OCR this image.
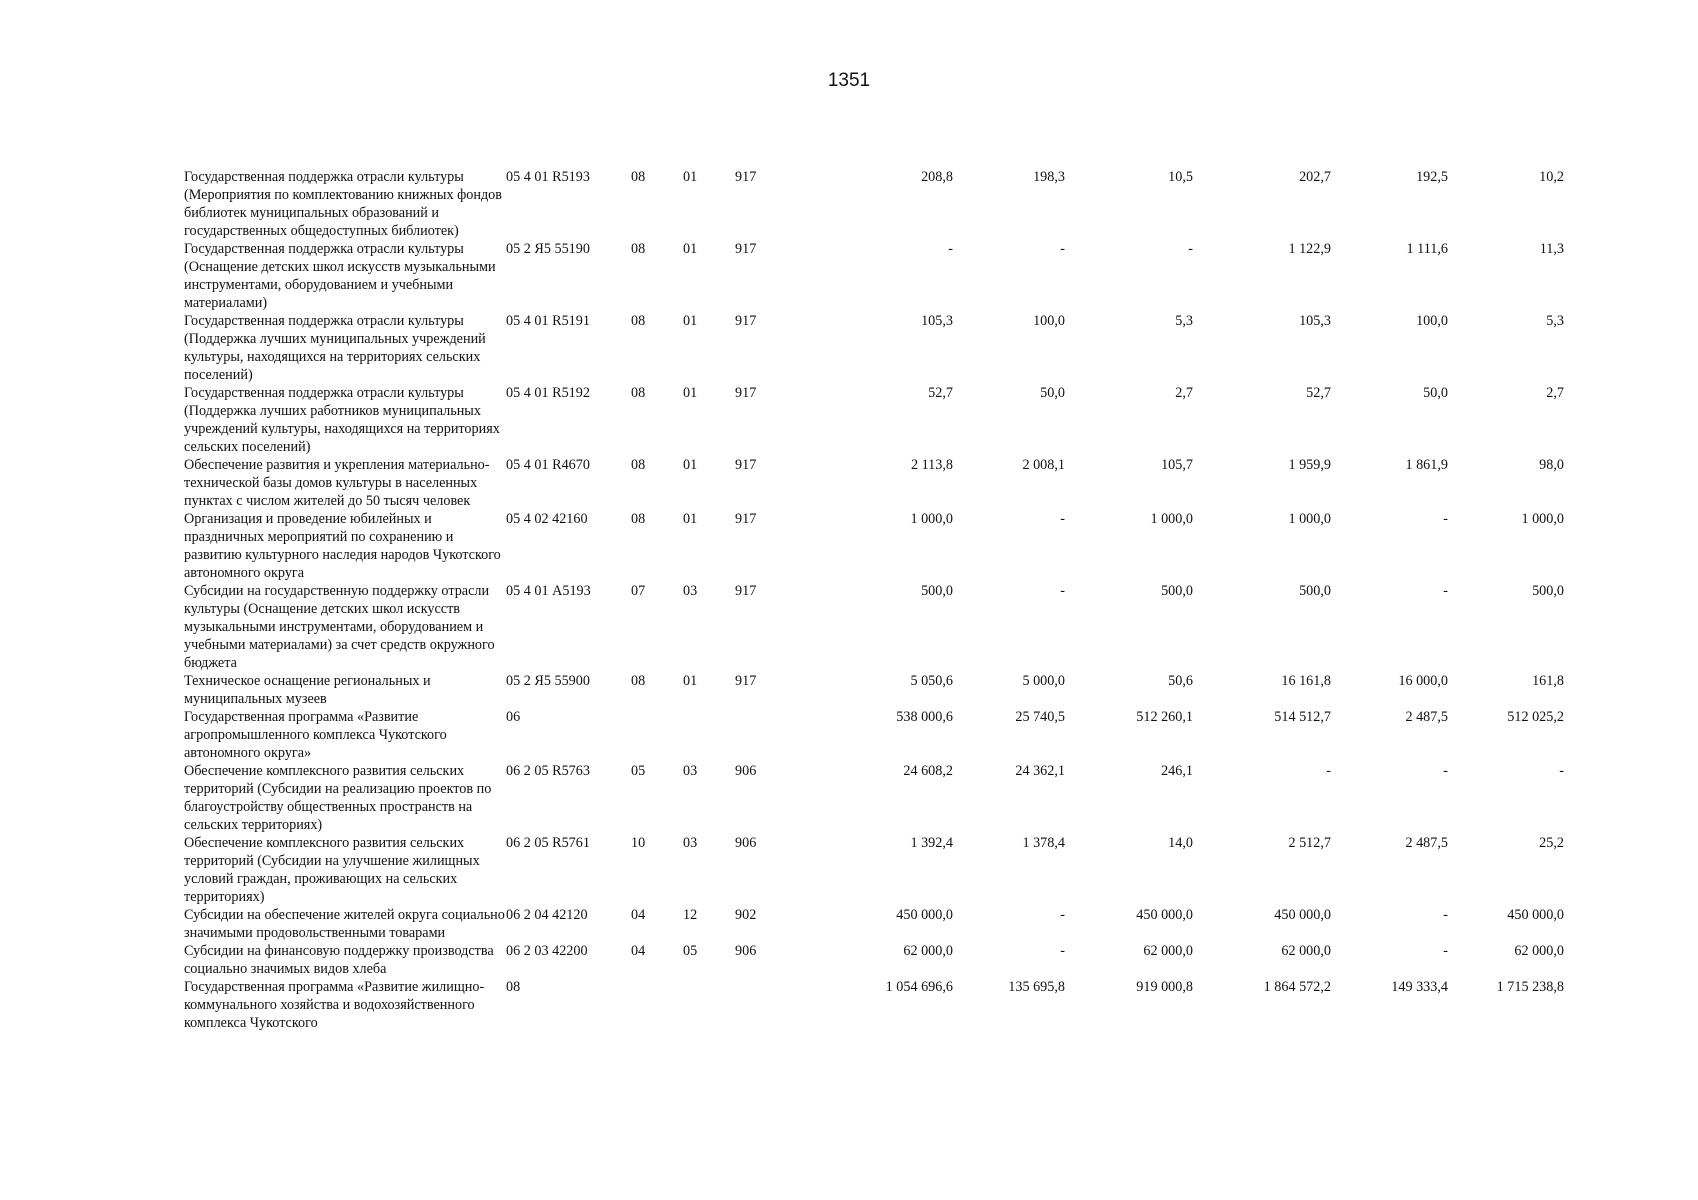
1351
Государственная поддержка отрасли культуры (Мероприятия по комплектованию книжных фондов библиотек муниципальных образований и государственных общедоступных библиотек)	05 4 01 R5193	08	01	917	208,8	198,3	10,5	202,7	192,5	10,2
Государственная поддержка отрасли культуры (Оснащение детских школ искусств музыкальными инструментами, оборудованием и учебными материалами)	05 2 Я5 55190	08	01	917	-	-	-	1 122,9	1 111,6	11,3
Государственная поддержка отрасли культуры (Поддержка лучших муниципальных учреждений культуры, находящихся на территориях сельских поселений)	05 4 01 R5191	08	01	917	105,3	100,0	5,3	105,3	100,0	5,3
Государственная поддержка отрасли культуры (Поддержка лучших работников муниципальных учреждений культуры, находящихся на территориях сельских поселений)	05 4 01 R5192	08	01	917	52,7	50,0	2,7	52,7	50,0	2,7
Обеспечение развития и укрепления материально-технической базы домов культуры в населенных пунктах с числом жителей до 50 тысяч человек	05 4 01 R4670	08	01	917	2 113,8	2 008,1	105,7	1 959,9	1 861,9	98,0
Организация и проведение юбилейных и праздничных мероприятий по сохранению и развитию культурного наследия народов Чукотского автономного округа	05 4 02 42160	08	01	917	1 000,0	-	1 000,0	1 000,0	-	1 000,0
Субсидии на государственную поддержку отрасли культуры (Оснащение детских школ искусств музыкальными инструментами, оборудованием и учебными материалами) за счет средств окружного бюджета	05 4 01 А5193	07	03	917	500,0	-	500,0	500,0	-	500,0
Техническое оснащение региональных и муниципальных музеев	05 2 Я5 55900	08	01	917	5 050,6	5 000,0	50,6	16 161,8	16 000,0	161,8
Государственная программа «Развитие агропромышленного комплекса Чукотского автономного округа»	06				538 000,6	25 740,5	512 260,1	514 512,7	2 487,5	512 025,2
Обеспечение комплексного развития сельских территорий (Субсидии на реализацию проектов по благоустройству общественных пространств на сельских территориях)	06 2 05 R5763	05	03	906	24 608,2	24 362,1	246,1	-	-	-
Обеспечение комплексного развития сельских территорий (Субсидии на улучшение жилищных условий граждан, проживающих на сельских территориях)	06 2 05 R5761	10	03	906	1 392,4	1 378,4	14,0	2 512,7	2 487,5	25,2
Субсидии на обеспечение жителей округа социально значимыми продовольственными товарами	06 2 04 42120	04	12	902	450 000,0	-	450 000,0	450 000,0	-	450 000,0
Субсидии на финансовую поддержку производства социально значимых видов хлеба	06 2 03 42200	04	05	906	62 000,0	-	62 000,0	62 000,0	-	62 000,0
Государственная программа «Развитие жилищно-коммунального хозяйства и водохозяйственного комплекса Чукотского	08				1 054 696,6	135 695,8	919 000,8	1 864 572,2	149 333,4	1 715 238,8
